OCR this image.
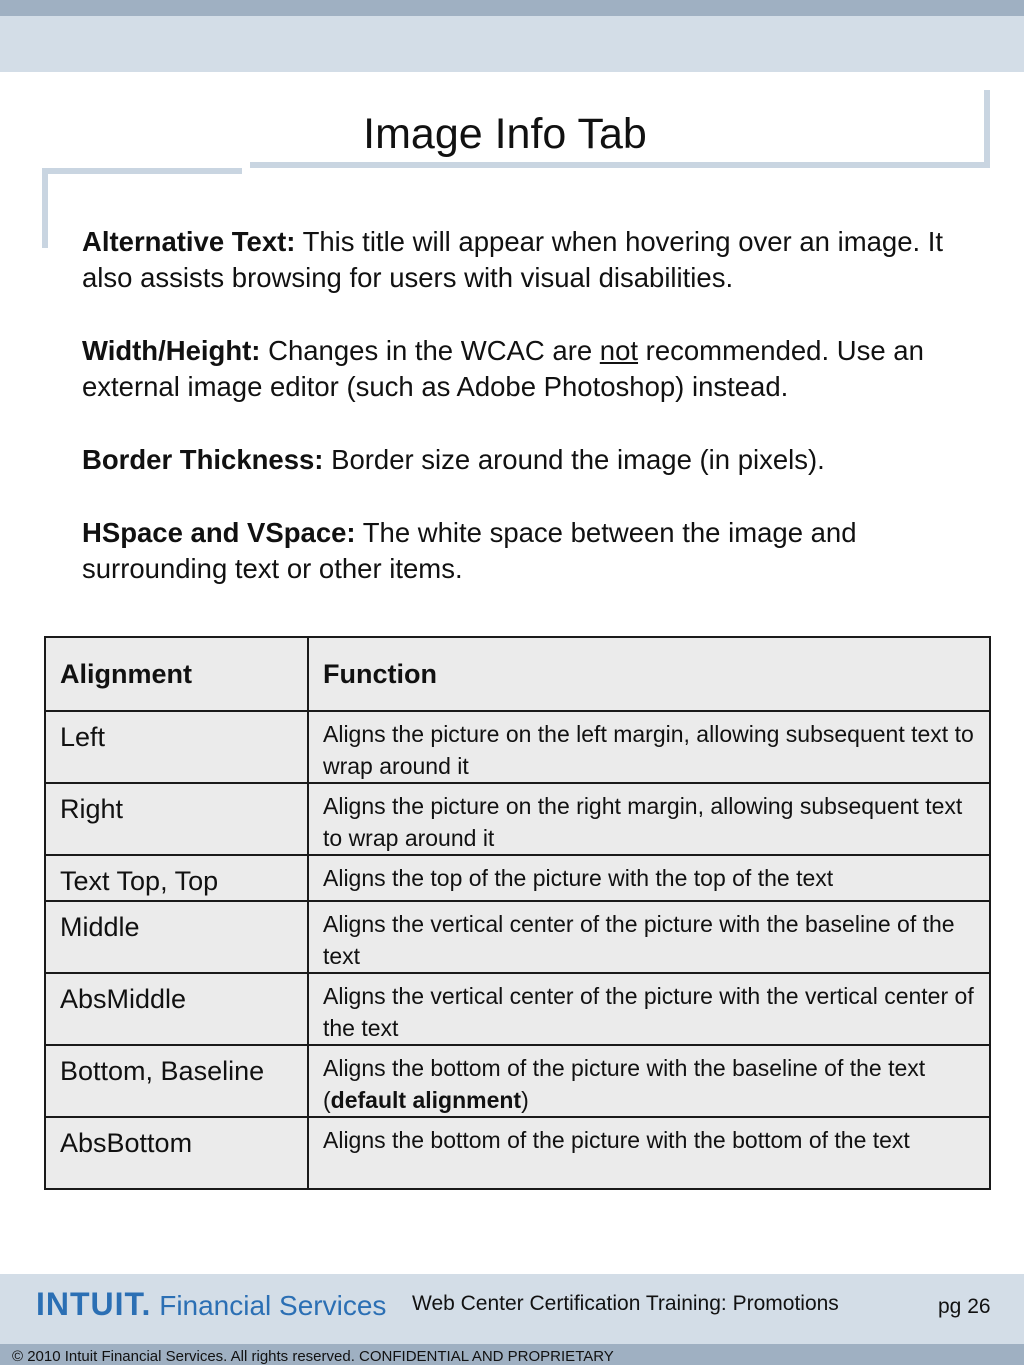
Image Info Tab

Alternative Text: This title will appear when hovering over an image. It also assists browsing for users with visual disabilities.

Width/Height: Changes in the WCAC are not recommended. Use an external image editor (such as Adobe Photoshop) instead.

Border Thickness: Border size around the image (in pixels).

HSpace and VSpace: The white space between the image and surrounding text or other items.

Alignment	Function
Left	Aligns the picture on the left margin, allowing subsequent text to wrap around it
Right	Aligns the picture on the right margin, allowing subsequent text to wrap around it
Text Top, Top	Aligns the top of the picture with the top of the text
Middle	Aligns the vertical center of the picture with the baseline of the text
AbsMiddle	Aligns the vertical center of the picture with the vertical center of the text
Bottom, Baseline	Aligns the bottom of the picture with the baseline of the text (default alignment)
AbsBottom	Aligns the bottom of the picture with the bottom of the text
INTUIT. Financial Services Web Center Certification Training: Promotions	pg 26
© 2010 Intuit Financial Services. All rights reserved. CONFIDENTIAL AND PROPRIETARY
